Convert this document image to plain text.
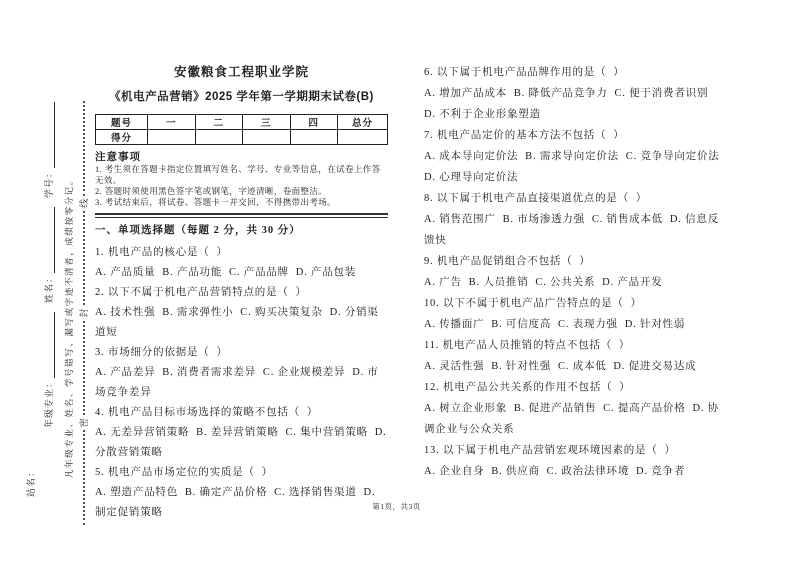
站名：
年级专业：
姓名：
学号： 凡年级专业、姓名、学号错写、漏写或字迹不清者，成绩按零分记。 密
封
线
安徽粮食工程职业学院
《机电产品营销》2025 学年第一学期期末试卷(B)
题号	一	二	三	四	总分
得分					
注意事项
1. 考生须在答题卡指定位置填写姓名、学号、专业等信息，在试卷上作答无效。
2. 答题时须使用黑色签字笔或钢笔，字迹清晰，卷面整洁。
3. 考试结束后，将试卷、答题卡一并交回，不得携带出考场。
一、单项选择题（每题 2 分，共 30 分）
1. 机电产品的核心是（  ）
A. 产品质量  B. 产品功能  C. 产品品牌  D. 产品包装
2. 以下不属于机电产品营销特点的是（  ）
A. 技术性强  B. 需求弹性小  C. 购买决策复杂  D. 分销渠道短
3. 市场细分的依据是（  ）
A. 产品差异  B. 消费者需求差异  C. 企业规模差异  D. 市场竞争差异
4. 机电产品目标市场选择的策略不包括（  ）
A. 无差异营销策略  B. 差异营销策略  C. 集中营销策略  D. 分散营销策略
5. 机电产品市场定位的实质是（  ）
A. 塑造产品特色  B. 确定产品价格  C. 选择销售渠道  D. 制定促销策略
6. 以下属于机电产品品牌作用的是（  ）
A. 增加产品成本  B. 降低产品竞争力  C. 便于消费者识别  D. 不利于企业形象塑造
7. 机电产品定价的基本方法不包括（  ）
A. 成本导向定价法  B. 需求导向定价法  C. 竞争导向定价法  D. 心理导向定价法
8. 以下属于机电产品直接渠道优点的是（  ）
A. 销售范围广  B. 市场渗透力强  C. 销售成本低  D. 信息反馈快
9. 机电产品促销组合不包括（  ）
A. 广告  B. 人员推销  C. 公共关系  D. 产品开发
10. 以下不属于机电产品广告特点的是（  ）
A. 传播面广  B. 可信度高  C. 表现力强  D. 针对性弱
11. 机电产品人员推销的特点不包括（  ）
A. 灵活性强  B. 针对性强  C. 成本低  D. 促进交易达成
12. 机电产品公共关系的作用不包括（  ）
A. 树立企业形象  B. 促进产品销售  C. 提高产品价格  D. 协调企业与公众关系
13. 以下属于机电产品营销宏观环境因素的是（  ）
A. 企业自身  B. 供应商  C. 政治法律环境  D. 竞争者
第1页，共3页
